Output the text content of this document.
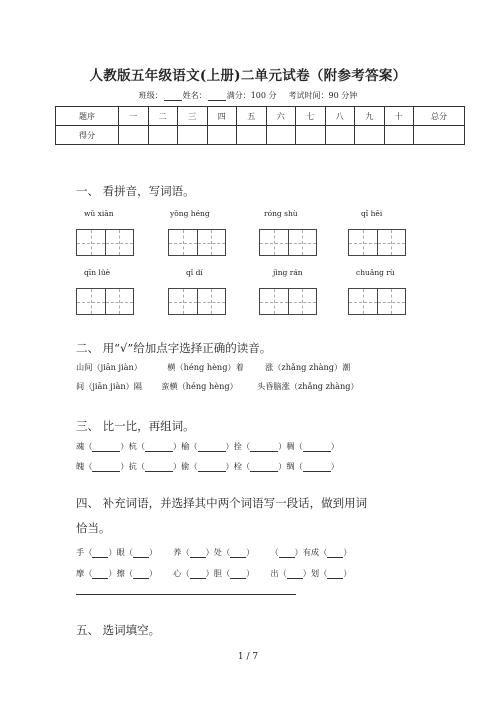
人教版五年级语文(上册)二单元试卷（附参考答案）
班级：	姓名：	满分：100 分 考试时间：90 分钟
题序	一	二	三	四	五	六	七	八	九	十	总分
得分											
一、 看拼音，写词语。
wǔ xiān	yǒng héng	róng shù	qǐ hēi
qīn lüè	qǐ dí	jìng rán	chuǎng rù
二、 用“√”给加点字选择正确的读音。
山间（jiān jiàn）	横（héng hèng）着	涨（zhǎng zhàng）潮
间（jiān jiàn）隔 蛮横（héng hèng） 头昏脑涨（zhǎng zhàng）
三、 比一比，再组词。
魂（	）杭（	）榆（	）拴（	）稠（	）
魄（	）抗（	）偷（	）栓（	）绸（	）
四、 补充词语，并选择其中两个词语写一段话，做到用词
恰当。
手（ ）眼（ ） 养（ ）处（ ） （ ）有成（ ）
摩（ ）擦（ ） 心（ ）胆（ ） 出（ ）划（ ）
五、 选词填空。
1 / 7
